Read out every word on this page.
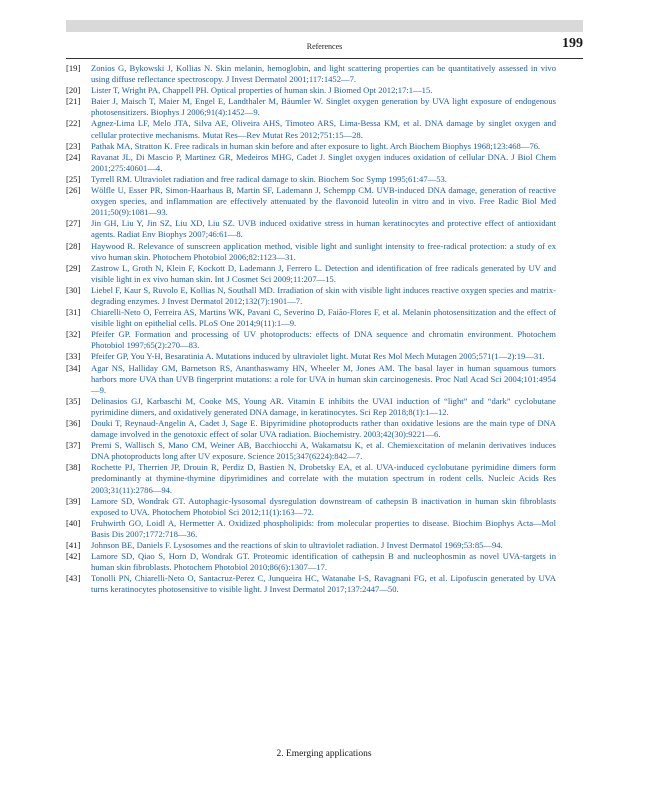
References	199
[19]	Zonios G, Bykowski J, Kollias N. Skin melanin, hemoglobin, and light scattering properties can be quantitatively assessed in vivo using diffuse reflectance spectroscopy. J Invest Dermatol 2001;117:1452—7.
[20]	Lister T, Wright PA, Chappell PH. Optical properties of human skin. J Biomed Opt 2012;17:1—15.
[21]	Baier J, Maisch T, Maier M, Engel E, Landthaler M, Bäumler W. Singlet oxygen generation by UVA light exposure of endogenous photosensitizers. Biophys J 2006;91(4):1452—9.
[22]	Agnez-Lima LF, Melo JTA, Silva AE, Oliveira AHS, Timoteo ARS, Lima-Bessa KM, et al. DNA damage by singlet oxygen and cellular protective mechanisms. Mutat Res—Rev Mutat Res 2012;751:15—28.
[23]	Pathak MA, Stratton K. Free radicals in human skin before and after exposure to light. Arch Biochem Biophys 1968;123:468—76.
[24]	Ravanat JL, Di Mascio P, Martinez GR, Medeiros MHG, Cadet J. Singlet oxygen induces oxidation of cellular DNA. J Biol Chem 2001;275:40601—4.
[25]	Tyrrell RM. Ultraviolet radiation and free radical damage to skin. Biochem Soc Symp 1995;61:47—53.
[26]	Wölfle U, Esser PR, Simon-Haarhaus B, Martin SF, Lademann J, Schempp CM. UVB-induced DNA damage, generation of reactive oxygen species, and inflammation are effectively attenuated by the flavonoid luteolin in vitro and in vivo. Free Radic Biol Med 2011;50(9):1081—93.
[27]	Jin GH, Liu Y, Jin SZ, Liu XD, Liu SZ. UVB induced oxidative stress in human keratinocytes and protective effect of antioxidant agents. Radiat Env Biophys 2007;46:61—8.
[28]	Haywood R. Relevance of sunscreen application method, visible light and sunlight intensity to free-radical protection: a study of ex vivo human skin. Photochem Photobiol 2006;82:1123—31.
[29]	Zastrow L, Groth N, Klein F, Kockott D, Lademann J, Ferrero L. Detection and identification of free radicals generated by UV and visible light in ex vivo human skin. Int J Cosmet Sci 2009;11:207—15.
[30]	Liebel F, Kaur S, Ruvolo E, Kollias N, Southall MD. Irradiation of skin with visible light induces reactive oxygen species and matrix-degrading enzymes. J Invest Dermatol 2012;132(7):1901—7.
[31]	Chiarelli-Neto O, Ferreira AS, Martins WK, Pavani C, Severino D, Faião-Flores F, et al. Melanin photosensitization and the effect of visible light on epithelial cells. PLoS One 2014;9(11):1—9.
[32]	Pfeifer GP. Formation and processing of UV photoproducts: effects of DNA sequence and chromatin environment. Photochem Photobiol 1997;65(2):270—83.
[33]	Pfeifer GP, You Y-H, Besaratinia A. Mutations induced by ultraviolet light. Mutat Res Mol Mech Mutagen 2005;571(1—2):19—31.
[34]	Agar NS, Halliday GM, Barnetson RS, Ananthaswamy HN, Wheeler M, Jones AM. The basal layer in human squamous tumors harbors more UVA than UVB fingerprint mutations: a role for UVA in human skin carcinogenesis. Proc Natl Acad Sci 2004;101:4954—9.
[35]	Delinasios GJ, Karbaschi M, Cooke MS, Young AR. Vitamin E inhibits the UVAI induction of “light” and “dark” cyclobutane pyrimidine dimers, and oxidatively generated DNA damage, in keratinocytes. Sci Rep 2018;8(1):1—12.
[36]	Douki T, Reynaud-Angelin A, Cadet J, Sage E. Bipyrimidine photoproducts rather than oxidative lesions are the main type of DNA damage involved in the genotoxic effect of solar UVA radiation. Biochemistry. 2003;42(30):9221—6.
[37]	Premi S, Wallisch S, Mano CM, Weiner AB, Bacchiocchi A, Wakamatsu K, et al. Chemiexcitation of melanin derivatives induces DNA photoproducts long after UV exposure. Science 2015;347(6224):842—7.
[38]	Rochette PJ, Therrien JP, Drouin R, Perdiz D, Bastien N, Drobetsky EA, et al. UVA-induced cyclobutane pyrimidine dimers form predominantly at thymine-thymine dipyrimidines and correlate with the mutation spectrum in rodent cells. Nucleic Acids Res 2003;31(11):2786—94.
[39]	Lamore SD, Wondrak GT. Autophagic-lysosomal dysregulation downstream of cathepsin B inactivation in human skin fibroblasts exposed to UVA. Photochem Photobiol Sci 2012;11(1):163—72.
[40]	Fruhwirth GO, Loidl A, Hermetter A. Oxidized phospholipids: from molecular properties to disease. Biochim Biophys Acta—Mol Basis Dis 2007;1772:718—36.
[41]	Johnson BE, Daniels F. Lysosomes and the reactions of skin to ultraviolet radiation. J Invest Dermatol 1969;53:85—94.
[42]	Lamore SD, Qiao S, Horn D, Wondrak GT. Proteomic identification of cathepsin B and nucleophosmin as novel UVA-targets in human skin fibroblasts. Photochem Photobiol 2010;86(6):1307—17.
[43]	Tonolli PN, Chiarelli-Neto O, Santacruz-Perez C, Junqueira HC, Watanabe I-S, Ravagnani FG, et al. Lipofuscin generated by UVA turns keratinocytes photosensitive to visible light. J Invest Dermatol 2017;137:2447—50.
2. Emerging applications
